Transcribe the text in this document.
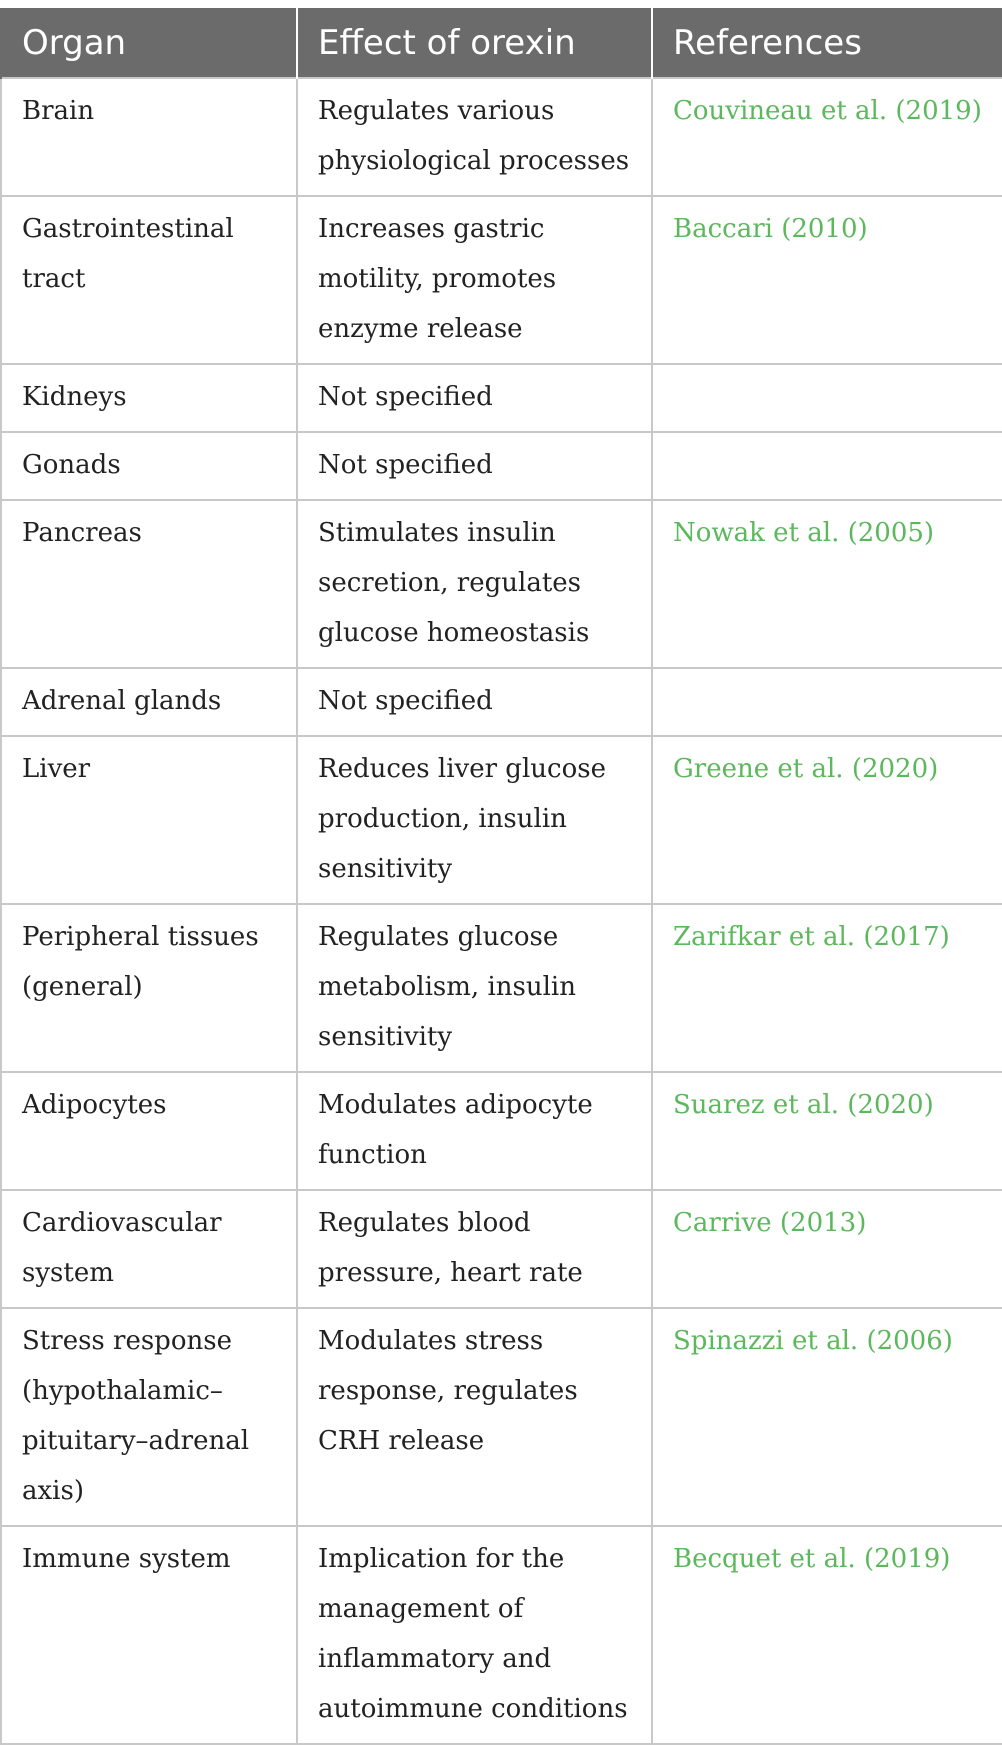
Organ	Effect of orexin	References
Brain	Regulates various physiological processes	Couvineau et al. (2019)
Gastrointestinal tract	Increases gastric motility, promotes enzyme release	Baccari (2010)
Kidneys	Not specified	
Gonads	Not specified	
Pancreas	Stimulates insulin secretion, regulates glucose homeostasis	Nowak et al. (2005)
Adrenal glands	Not specified	
Liver	Reduces liver glucose production, insulin sensitivity	Greene et al. (2020)
Peripheral tissues (general)	Regulates glucose metabolism, insulin sensitivity	Zarifkar et al. (2017)
Adipocytes	Modulates adipocyte function	Suarez et al. (2020)
Cardiovascular system	Regulates blood pressure, heart rate	Carrive (2013)
Stress response (hypothalamic–pituitary–adrenal axis)	Modulates stress response, regulates CRH release	Spinazzi et al. (2006)
Immune system	Implication for the management of inflammatory and autoimmune conditions	Becquet et al. (2019)
